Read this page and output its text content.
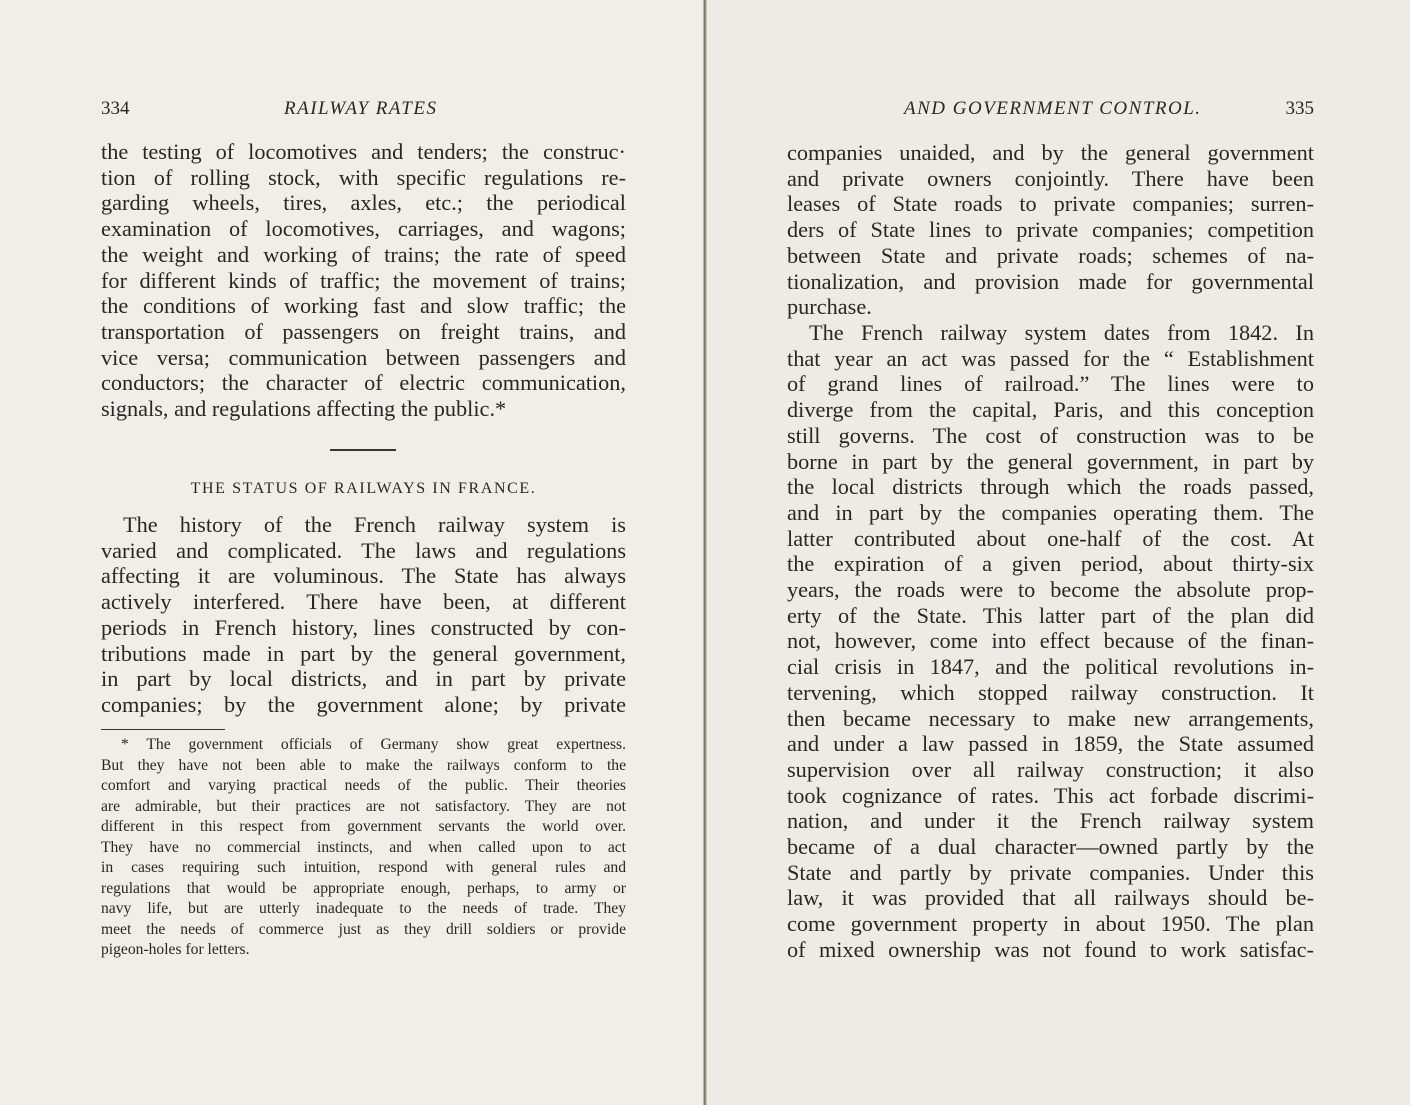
334	RAILWAY RATES

the testing of locomotives and tenders; the construc·
tion of rolling stock, with specific regulations re-
garding wheels, tires, axles, etc.; the periodical
examination of locomotives, carriages, and wagons;
the weight and working of trains; the rate of speed
for different kinds of traffic; the movement of trains;
the conditions of working fast and slow traffic; the
transportation of passengers on freight trains, and
vice versa; communication between passengers and
conductors; the character of electric communication,
signals, and regulations affecting the public.*

THE STATUS OF RAILWAYS IN FRANCE.

The history of the French railway system is
varied and complicated. The laws and regulations
affecting it are voluminous. The State has always
actively interfered. There have been, at different
periods in French history, lines constructed by con-
tributions made in part by the general government,
in part by local districts, and in part by private
companies; by the government alone; by private

* The government officials of Germany show great expertness.
But they have not been able to make the railways conform to the
comfort and varying practical needs of the public. Their theories
are admirable, but their practices are not satisfactory. They are not
different in this respect from government servants the world over.
They have no commercial instincts, and when called upon to act
in cases requiring such intuition, respond with general rules and
regulations that would be appropriate enough, perhaps, to army or
navy life, but are utterly inadequate to the needs of trade. They
meet the needs of commerce just as they drill soldiers or provide
pigeon-holes for letters.

AND GOVERNMENT CONTROL.	335

companies unaided, and by the general government
and private owners conjointly. There have been
leases of State roads to private companies; surren-
ders of State lines to private companies; competition
between State and private roads; schemes of na-
tionalization, and provision made for governmental
purchase.

The French railway system dates from 1842. In
that year an act was passed for the “ Establishment
of grand lines of railroad.” The lines were to
diverge from the capital, Paris, and this conception
still governs. The cost of construction was to be
borne in part by the general government, in part by
the local districts through which the roads passed,
and in part by the companies operating them. The
latter contributed about one-half of the cost. At
the expiration of a given period, about thirty-six
years, the roads were to become the absolute prop-
erty of the State. This latter part of the plan did
not, however, come into effect because of the finan-
cial crisis in 1847, and the political revolutions in-
tervening, which stopped railway construction. It
then became necessary to make new arrangements,
and under a law passed in 1859, the State assumed
supervision over all railway construction; it also
took cognizance of rates. This act forbade discrimi-
nation, and under it the French railway system
became of a dual character—owned partly by the
State and partly by private companies. Under this
law, it was provided that all railways should be-
come government property in about 1950. The plan
of mixed ownership was not found to work satisfac-
